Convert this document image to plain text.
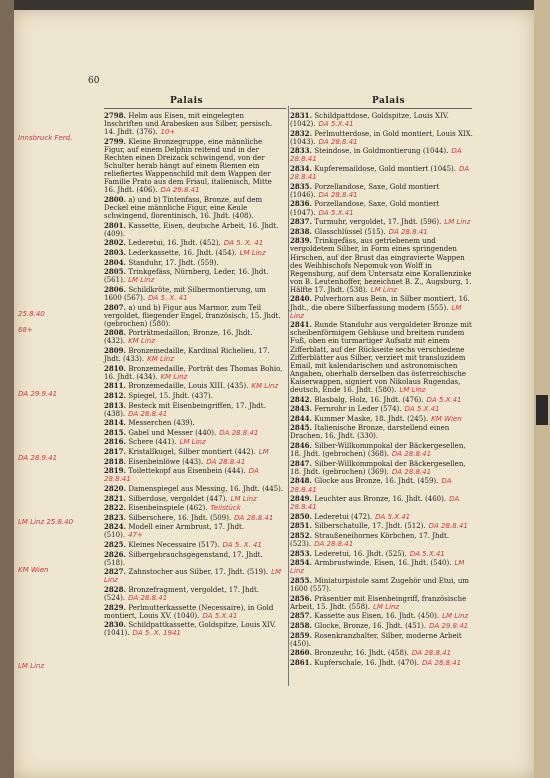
60
Palais	Palais
2798. Helm aus Eisen, mit eingelegten Inschriften und Arabesken aus Silber, persisch. 14. Jhdt. (376). 10+
2799. Kleine Bronzegruppe, eine männliche Figur, auf einem Delphin reitend und in der Rechten einen Dreizack schwingend, von der Schulter herab hängt auf einem Riemen ein reliefiertes Wappenschild mit dem Wappen der Familie Prato aus dem Friaul, italienisch, Mitte 16. Jhdt. (406). DA 29.8.41
2800. a) und b) Tintenfass, Bronze, auf dem Deckel eine männliche Figur, eine Keule schwingend, florentinisch, 16. Jhdt. (408).
2801. Kassette, Eisen, deutsche Arbeit, 16. Jhdt. (409).
2802. Lederetui, 16. Jhdt. (452). DA 5. X. 41
2803. Lederkassette, 16. Jhdt. (454). LM Linz
2804. Standuhr, 17. Jhdt. (559).
2805. Trinkgefäss, Nürnberg, Leder, 16. Jhdt. (561). LM Linz
2806. Schildkröte, mit Silbermontierung, um 1600 (567). DA 5. X. 41
2807. a) und b) Figur aus Marmor, zum Teil vergoldet, fliegender Engel, französisch, 15. Jhdt. (gebrochen) (580).
2808. Porträtmedaillon, Bronze, 16. Jhdt. (432). KM Linz
2809. Bronzemedaille, Kardinal Richelieu, 17. Jhdt. (433). KM Linz
2810. Bronzemedaille, Porträt des Thomas Bohio, 16. Jhdt. (434). KM Linz
2811. Bronzemedaille, Louis XIII. (435). KM Linz
2812. Spiegel, 15. Jhdt. (437).
2813. Besteck mit Eisenbeingriffen, 17. Jhdt. (438). DA 28.8.41
2814. Messerchen (439).
2815. Gabel und Messer (440). DA 28.8.41
2816. Schere (441). LM Linz
2817. Kristallkugel, Silber montiert (442). LM
2818. Eisenbeinlöwe (443). DA 28.8.41
2819. Toilettekopf aus Eisenbein (444). DA 28.8.41
2820. Damenspiegel aus Messing, 16. Jhdt. (445).
2821. Silberdose, vergoldet (447). LM Linz
2822. Eisenbeinspiele (462). Teilstück
2823. Silberschere, 16. Jhdt. (509). DA 28.8.41
2824. Modell einer Armbrust, 17. Jhdt. (510). 47+
2825. Kleines Necessaire (517). DA 5. X. 41
2826. Silbergebrauchsgegenstand, 17. Jhdt. (518).
2827. Zahnstocher aus Silber, 17. Jhdt. (519). LM Linz
2828. Bronzefragment, vergoldet, 17. Jhdt. (524). DA 28.8.41
2829. Perlmutterkassette (Necessaire), in Gold montiert, Louis XV. (1040). DA 5.X.41
2830. Schildpattkassette, Goldspitze, Louis XIV. (1041). DA 5. X. 1941
2831. Schildpattdose, Goldspitze, Louis XIV. (1042). DA 5.X.41
2832. Perlmutterdose, in Gold montiert, Louis XIX. (1043). DA 28.8.41
2833. Steindose, in Goldmontierung (1044). DA 28.8.41
2834. Kupferemaildose, Gold montiert (1045). DA 28.8.41
2835. Porzellandose, Saxe, Gold montiert (1046). DA 28.8.41
2836. Porzellandose, Saxe, Gold montiert (1047). DA 5.X.41
2837. Turmuhr, vergoldet, 17. Jhdt. (596). LM Linz
2838. Glasschlüssel (515). DA 28.8.41
2839. Trinkgefäss, aus getriebenem und vergoldetem Silber, in Form eines springenden Hirschen, auf der Brust das eingravierte Wappen des Weihbischofs Nepomuk von Wolff in Regensburg, auf dem Untersatz eine Korallenzinke von B. Leutenhoffer, bezeichnet B. Z., Augsburg, 1. Hälfte 17. Jhdt. (538). LM Linz
2840. Pulverhorn aus Bein, in Silber montiert, 16. Jhdt., die obere Silberfassung modern (555). LM Linz
2841. Runde Standuhr aus vergoldeter Bronze mit scheibenförmigem Gehäuse und breitem rundem Fuß, oben ein turmartiger Aufsatz mit einem Zifferblatt, auf der Rückseite sechs verschiedene Zifferblätter aus Silber, verziert mit transluzidem Email, mit kalendarischen und astronomischen Angaben, oberhalb derselben das österreichische Kaiserwappen, signiert von Nikolaus Rugendas, deutsch, Ende 16. Jhdt. (580). LM Linz
2842. Blasbalg, Holz, 16. Jhdt. (476). DA 5.X.41
2843. Fernrohr in Leder (574). DA 5.X.41
2844. Kummer Maske, 18. Jhdt. (245). KM Wien
2845. Italienische Bronze, darstellend einen Drachen, 16. Jhdt. (330).
2846. Silber-Willkommpokal der Bäckergesellen, 18. Jhdt. (gebrochen) (368). DA 28.8.41
2847. Silber-Willkommpokal der Bäckergesellen, 18. Jhdt. (gebrochen) (369). DA 28.8.41
2848. Glocke aus Bronze, 16. Jhdt. (459). DA 28.8.41
2849. Leuchter aus Bronze, 16. Jhdt. (460). DA 28.8.41
2850. Lederetui (472). DA 5.X.41
2851. Silberschatulle, 17. Jhdt. (512). DA 28.8.41
2852. Straußeneihornes Körbchen, 17. Jhdt. (523). DA 28.8.41
2853. Lederetui, 16. Jhdt. (525). DA 5.X.41
2854. Armbrustwinde, Eisen, 16. Jhdt. (540). LM Linz
2855. Miniaturpistole samt Zugehör und Etui, um 1600 (557).
2856. Präsentier mit Eisenbeingriff, französische Arbeit, 15. Jhdt. (558). LM Linz
2857. Kassette aus Eisen, 16. Jhdt. (450). LM Linz
2858. Glocke, Bronze, 16. Jhdt. (451). DA 29.8.41
2859. Rosenkranzhalter, Silber, moderne Arbeit (450).
2860. Bronzeuhr, 16. Jhdt. (458). DA 28.8.41
2861. Kupferschale, 16. Jhdt. (470). DA 28.8.41
Innsbruck Ferd.
25.8.40
68+
DA 29.9.41
DA 28.9.41
LM Linz 25.8.40
KM Wien
LM Linz
